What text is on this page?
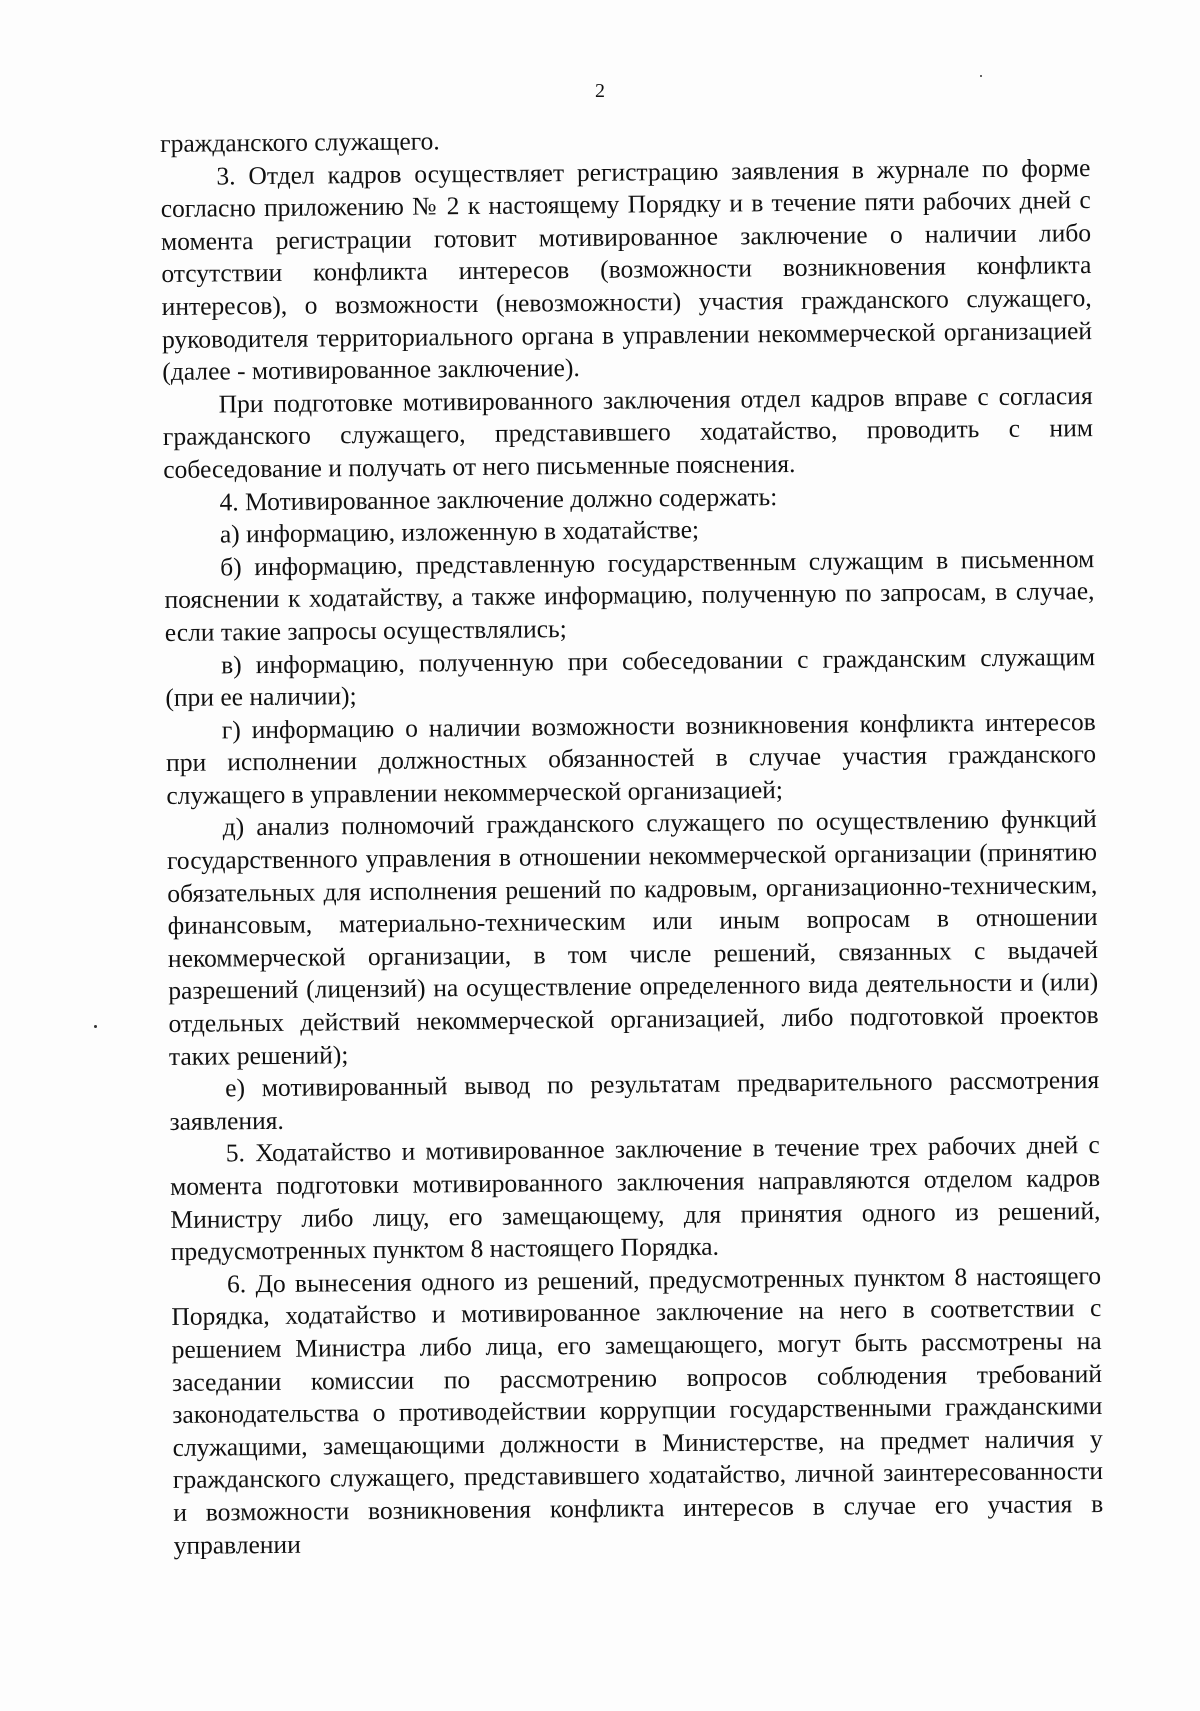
2

гражданского служащего.

3. Отдел кадров осуществляет регистрацию заявления в журнале по форме согласно приложению № 2 к настоящему Порядку и в течение пяти рабочих дней с момента регистрации готовит мотивированное заключение о наличии либо отсутствии конфликта интересов (возможности возникновения конфликта интересов), о возможности (невозможности) участия гражданского служащего, руководителя территориального органа в управлении некоммерческой организацией (далее - мотивированное заключение).

При подготовке мотивированного заключения отдел кадров вправе с согласия гражданского служащего, представившего ходатайство, проводить с ним собеседование и получать от него письменные пояснения.

4. Мотивированное заключение должно содержать:

а) информацию, изложенную в ходатайстве;

б) информацию, представленную государственным служащим в письменном пояснении к ходатайству, а также информацию, полученную по запросам, в случае, если такие запросы осуществлялись;

в) информацию, полученную при собеседовании с гражданским служащим (при ее наличии);

г) информацию о наличии возможности возникновения конфликта интересов при исполнении должностных обязанностей в случае участия гражданского служащего в управлении некоммерческой организацией;

д) анализ полномочий гражданского служащего по осуществлению функций государственного управления в отношении некоммерческой организации (принятию обязательных для исполнения решений по кадровым, организационно-техническим, финансовым, материально-техническим или иным вопросам в отношении некоммерческой организации, в том числе решений, связанных с выдачей разрешений (лицензий) на осуществление определенного вида деятельности и (или) отдельных действий некоммерческой организацией, либо подготовкой проектов таких решений);

е) мотивированный вывод по результатам предварительного рассмотрения заявления.

5. Ходатайство и мотивированное заключение в течение трех рабочих дней с момента подготовки мотивированного заключения направляются отделом кадров Министру либо лицу, его замещающему, для принятия одного из решений, предусмотренных пунктом 8 настоящего Порядка.

6. До вынесения одного из решений, предусмотренных пунктом 8 настоящего Порядка, ходатайство и мотивированное заключение на него в соответствии с решением Министра либо лица, его замещающего, могут быть рассмотрены на заседании комиссии по рассмотрению вопросов соблюдения требований законодательства о противодействии коррупции государственными гражданскими служащими, замещающими должности в Министерстве, на предмет наличия у гражданского служащего, представившего ходатайство, личной заинтересованности и возможности возникновения конфликта интересов в случае его участия в управлении
